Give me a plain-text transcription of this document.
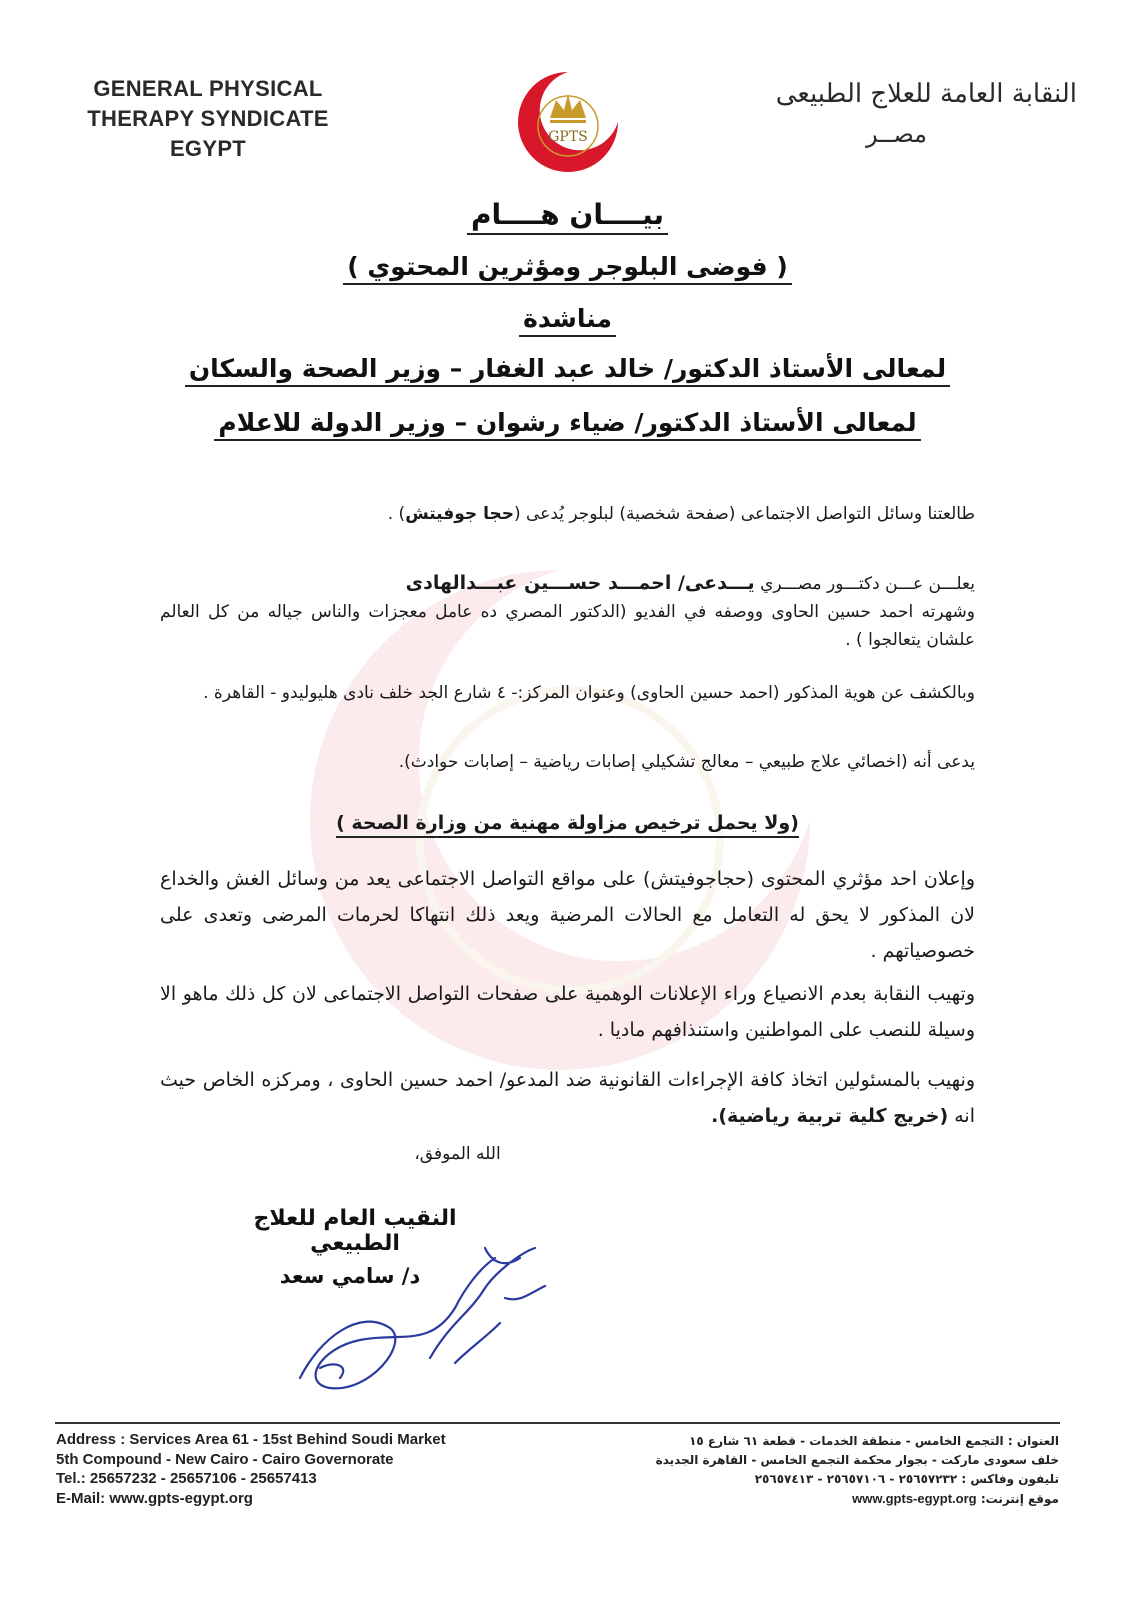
GENERAL PHYSICAL
THERAPY SYNDICATE
EGYPT	GPTS
النقابة العامة للعلاج الطبيعى
مصــر
بيــــان هــــام
( فوضى البلوجر ومؤثرين المحتوي )
مناشدة
لمعالى الأستاذ الدكتور/ خالد عبد الغفار – وزير الصحة والسكان
لمعالى الأستاذ الدكتور/ ضياء رشوان – وزير الدولة للاعلام
طالعتنا وسائل التواصل الاجتماعى (صفحة شخصية) لبلوجر يُدعى (حجا جوفيتش) .
يعلـــن عـــن دكتـــور مصـــري يـــدعى/ احمـــد حســـين عبـــدالهادى
وشهرته احمد حسين الحاوى ووصفه في الفديو (الدكتور المصري ده عامل معجزات والناس جياله من كل العالم علشان يتعالجوا ) .
وبالكشف عن هوية المذكور (احمد حسين الحاوى) وعنوان المركز:- ٤ شارع الجد خلف نادى هليوليدو - القاهرة .
يدعى أنه (اخصائي علاج طبيعي – معالج تشكيلي إصابات رياضية – إصابات حوادث).
(ولا يحمل ترخيص مزاولة مهنية من وزارة الصحة )
وإعلان احد مؤثري المحتوى (حجاجوفيتش) على مواقع التواصل الاجتماعى يعد من وسائل الغش والخداع لان المذكور لا يحق له التعامل مع الحالات المرضية ويعد ذلك انتهاكا لحرمات المرضى وتعدى على خصوصياتهم .
وتهيب النقابة بعدم الانصياع وراء الإعلانات الوهمية على صفحات التواصل الاجتماعى لان كل ذلك ماهو الا وسيلة للنصب على المواطنين واستنذافهم ماديا .
ونهيب بالمسئولين اتخاذ كافة الإجراءات القانونية ضد المدعو/ احمد حسين الحاوى ، ومركزه الخاص حيث انه (خريج كلية تربية رياضية).
الله الموفق،
النقيب العام للعلاج الطبيعي
د/ سامي سعد
Address : Services Area 61 - 15st Behind Soudi Market
5th Compound - New Cairo - Cairo Governorate
Tel.: 25657232 - 25657106 - 25657413
E-Mail: www.gpts-egypt.org
العنوان : التجمع الخامس - منطقة الخدمات - قطعة ٦١ شارع ١٥
خلف سعودى ماركت - بجوار محكمة التجمع الخامس - القاهرة الجديدة
تليفون وفاكس : ٢٥٦٥٧٢٣٢ - ٢٥٦٥٧١٠٦ - ٢٥٦٥٧٤١٣
موقع إنترنت: www.gpts-egypt.org
